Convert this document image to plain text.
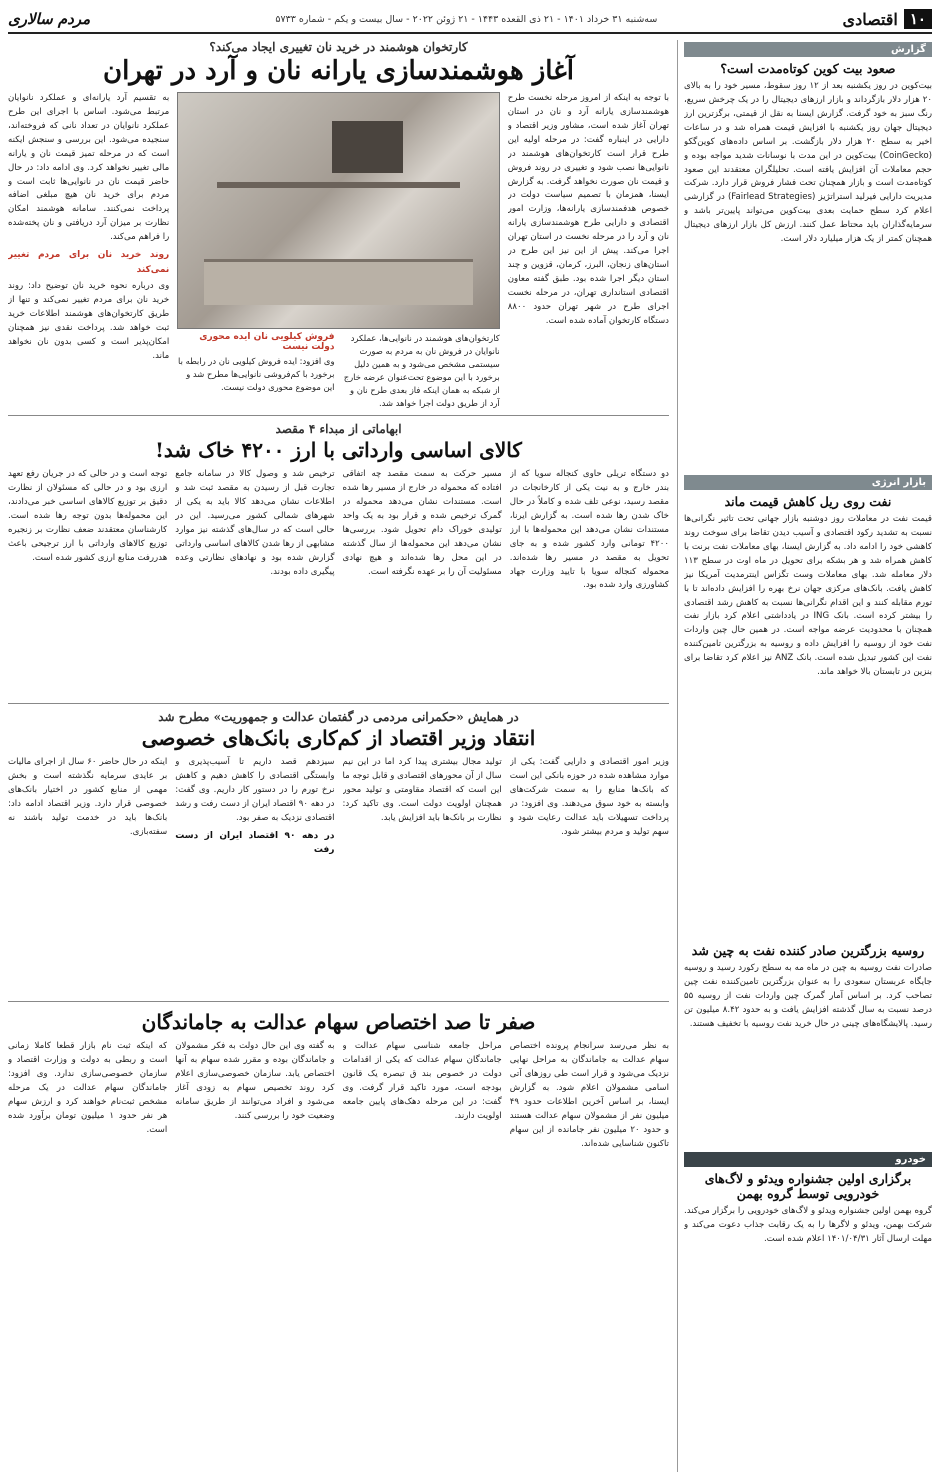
۱۰
اقتصادی
سه‌شنبه ۳۱ خرداد ۱۴۰۱ - ۲۱ ذی القعده ۱۴۴۳ - ۲۱ ژوئن ۲۰۲۲ - سال بیست و یکم - شماره ۵۷۳۳
مردم سالاری
گزارش
صعود بیت کوین کوتاه‌مدت است؟
بیت‌کوین در روز یکشنبه بعد از ۱۲ روز سقوط، مسیر خود را به بالای ۲۰ هزار دلار بازگرداند و بازار ارزهای دیجیتال را در یک چرخش سریع، رنگ سبز به خود گرفت. گزارش ایسنا به نقل از قیمتی، برگزترین ارز دیجیتال جهان روز یکشنبه با افزایش قیمت همراه شد و در ساعات اخیر به سطح ۲۰ هزار دلار بازگشت. بر اساس داده‌های کوین‌گکو (CoinGecko) بیت‌کوین در این مدت با نوسانات شدید مواجه بوده و حجم معاملات آن افزایش یافته است. تحلیلگران معتقدند این صعود کوتاه‌مدت است و بازار همچنان تحت فشار فروش قرار دارد. شرکت مدیریت دارایی فیرلید استراتژیز (Fairlead Strategies) در گزارشی اعلام کرد سطح حمایت بعدی بیت‌کوین می‌تواند پایین‌تر باشد و سرمایه‌گذاران باید محتاط عمل کنند. ارزش کل بازار ارزهای دیجیتال همچنان کمتر از یک هزار میلیارد دلار است.
بازار انرژی
نفت روی ریل کاهش قیمت ماند
قیمت نفت در معاملات روز دوشنبه بازار جهانی تحت تاثیر نگرانی‌ها نسبت به تشدید رکود اقتصادی و آسیب دیدن تقاضا برای سوخت روند کاهشی خود را ادامه داد. به گزارش ایسنا، بهای معاملات نفت برنت با کاهش همراه شد و هر بشکه برای تحویل در ماه اوت در سطح ۱۱۳ دلار معامله شد. بهای معاملات وست تگزاس اینترمدیت آمریکا نیز کاهش یافت. بانک‌های مرکزی جهان نرخ بهره را افزایش داده‌اند تا با تورم مقابله کنند و این اقدام نگرانی‌ها نسبت به کاهش رشد اقتصادی را بیشتر کرده است. بانک ING در یادداشتی اعلام کرد بازار نفت همچنان با محدودیت عرضه مواجه است. در همین حال چین واردات نفت خود از روسیه را افزایش داده و روسیه به بزرگترین تامین‌کننده نفت این کشور تبدیل شده است. بانک ANZ نیز اعلام کرد تقاضا برای بنزین در تابستان بالا خواهد ماند.
روسیه بزرگترین صادر کننده نفت به چین شد
صادرات نفت روسیه به چین در ماه مه به سطح رکورد رسید و روسیه جایگاه عربستان سعودی را به عنوان بزرگترین تامین‌کننده نفت چین تصاحب کرد. بر اساس آمار گمرک چین واردات نفت از روسیه ۵۵ درصد نسبت به سال گذشته افزایش یافت و به حدود ۸.۴۲ میلیون تن رسید. پالایشگاه‌های چینی در حال خرید نفت روسیه با تخفیف هستند.
خودرو
برگزاری اولین جشنواره ویدئو و لاگ‌های خودرویی توسط گروه بهمن
گروه بهمن اولین جشنواره ویدئو و لاگ‌های خودرویی را برگزار می‌کند. شرکت بهمن، ویدئو و لاگرها را به یک رقابت جذاب دعوت می‌کند و مهلت ارسال آثار ۱۴۰۱/۰۴/۳۱ اعلام شده است.
کارتخوان هوشمند در خرید نان تغییری ایجاد می‌کند؟
آغاز هوشمندسازی یارانه نان و آرد در تهران
با توجه به اینکه از امروز مرحله نخست طرح هوشمندسازی یارانه آرد و نان در استان تهران آغاز شده است، مشاور وزیر اقتصاد و دارایی در اینباره گفت: در مرحله اولیه این طرح قرار است کارتخوان‌های هوشمند در نانوایی‌ها نصب شود و تغییری در روند فروش و قیمت نان صورت نخواهد گرفت. به گزارش ایسنا، همزمان با تصمیم سیاست دولت در خصوص هدفمندسازی یارانه‌ها، وزارت امور اقتصادی و دارایی طرح هوشمندسازی یارانه نان و آرد را در مرحله نخست در استان تهران اجرا می‌کند. پیش از این نیز این طرح در استان‌های زنجان، البرز، کرمان، قزوین و چند استان دیگر اجرا شده بود. طبق گفته معاون اقتصادی استانداری تهران، در مرحله نخست اجرای طرح در شهر تهران حدود ۸۸۰۰ دستگاه کارتخوان آماده شده است.
کارتخوان‌های هوشمند در نانوایی‌ها، عملکرد نانوایان در فروش نان به مردم به صورت سیستمی مشخص می‌شود و به همین دلیل برخورد با این موضوع تحت‌عنوان عرضه خارج از شبکه به همان اینکه فاز بعدی طرح نان و آرد از طریق دولت اجرا خواهد شد.
فروش کیلویی نان ایده محوری دولت نیست
وی افزود: ایده فروش کیلویی نان در رابطه با برخورد با کم‌فروشی نانوایی‌ها مطرح شد و این موضوع محوری دولت نیست.

به تقسیم آرد یارانه‌ای و عملکرد نانوایان مرتبط می‌شود. اساس با اجرای این طرح عملکرد نانوایان در تعداد نانی که فروخته‌اند، سنجیده می‌شود. این بررسی و سنجش ایکنه است که در مرحله تمیز قیمت نان و یارانه مالی تغییر نخواهد کرد. وی ادامه داد: در حال حاضر قیمت نان در نانوایی‌ها ثابت است و مردم برای خرید نان هیچ مبلغی اضافه پرداخت نمی‌کنند. سامانه هوشمند امکان نظارت بر میزان آرد دریافتی و نان پخته‌شده را فراهم می‌کند.

روند خرید نان برای مردم تغییر نمی‌کند

وی درباره نحوه خرید نان توضیح داد: روند خرید نان برای مردم تغییر نمی‌کند و تنها از طریق کارتخوان‌های هوشمند اطلاعات خرید ثبت خواهد شد. پرداخت نقدی نیز همچنان امکان‌پذیر است و کسی بدون نان نخواهد ماند.

ابهاماتی از مبداء ۴ مقصد
کالای اساسی وارداتی با ارز ۴۲۰۰ خاک شد!
دو دستگاه تریلی حاوی کنجاله سویا که از بندر خارج و به نیت یکی از کارخانجات در مقصد رسید، نوعی تلف شده و کاملاً در حال خاک شدن رها شده است. به گزارش ایرنا، مستندات نشان می‌دهد این محموله‌ها با ارز ۴۲۰۰ تومانی وارد کشور شده و به جای تحویل به مقصد در مسیر رها شده‌اند. محموله کنجاله سویا با تایید وزارت جهاد کشاورزی وارد شده بود.
مسیر حرکت به سمت مقصد چه اتفاقی افتاده که محموله در خارج از مسیر رها شده است. مستندات نشان می‌دهد محموله در گمرک ترخیص شده و قرار بود به یک واحد تولیدی خوراک دام تحویل شود. بررسی‌ها نشان می‌دهد این محموله‌ها از سال گذشته در این محل رها شده‌اند و هیچ نهادی مسئولیت آن را بر عهده نگرفته است.
ترخیص شد و وصول کالا در سامانه جامع تجارت قبل از رسیدن به مقصد ثبت شد و اطلاعات نشان می‌دهد کالا باید به یکی از شهرهای شمالی کشور می‌رسید. این در حالی است که در سال‌های گذشته نیز موارد مشابهی از رها شدن کالاهای اساسی وارداتی گزارش شده بود و نهادهای نظارتی وعده پیگیری داده بودند.
توجه است و در حالی که در جریان رفع تعهد ارزی بود و در حالی که مسئولان از نظارت دقیق بر توزیع کالاهای اساسی خبر می‌دادند، این محموله‌ها بدون توجه رها شده است. کارشناسان معتقدند ضعف نظارت بر زنجیره توزیع کالاهای وارداتی با ارز ترجیحی باعث هدررفت منابع ارزی کشور شده است.
در همایش «حکمرانی مردمی در گفتمان عدالت و جمهوریت» مطرح شد
انتقاد وزیر اقتصاد از کم‌کاری بانک‌های خصوصی
وزیر امور اقتصادی و دارایی گفت: یکی از موارد مشاهده شده در حوزه بانکی این است که بانک‌ها منابع را به سمت شرکت‌های وابسته به خود سوق می‌دهند. وی افزود: در پرداخت تسهیلات باید عدالت رعایت شود و سهم تولید و مردم بیشتر شود.
تولید مجال بیشتری پیدا کرد اما در این نیم سال از آن محورهای اقتصادی و قابل توجه ما این است که اقتصاد مقاومتی و تولید محور همچنان اولویت دولت است. وی تاکید کرد: نظارت بر بانک‌ها باید افزایش یابد.

سیزدهم قصد داریم تا آسیب‌پذیری و وابستگی اقتصادی را کاهش دهیم و کاهش نرخ تورم را در دستور کار داریم. وی گفت: در دهه ۹۰ اقتصاد ایران از دست رفت و رشد اقتصادی نزدیک به صفر بود.

در دهه ۹۰ اقتصاد ایران از دست رفت
اینکه در حال حاضر ۶۰ سال از اجرای مالیات بر عایدی سرمایه نگذشته است و بخش مهمی از منابع کشور در اختیار بانک‌های خصوصی قرار دارد. وزیر اقتصاد ادامه داد: بانک‌ها باید در خدمت تولید باشند نه سفته‌بازی.
صفر تا صد اختصاص سهام عدالت به جاماندگان
به نظر می‌رسد سرانجام پرونده اختصاص سهام عدالت به جاماندگان به مراحل نهایی نزدیک می‌شود و قرار است طی روزهای آتی اسامی مشمولان اعلام شود. به گزارش ایسنا، بر اساس آخرین اطلاعات حدود ۴۹ میلیون نفر از مشمولان سهام عدالت هستند و حدود ۲۰ میلیون نفر جامانده از این سهام تاکنون شناسایی شده‌اند.
مراحل جامعه شناسی سهام عدالت و جاماندگان سهام عدالت که یکی از اقدامات دولت در خصوص بند ق تبصره یک قانون بودجه است، مورد تاکید قرار گرفت. وی گفت: در این مرحله دهک‌های پایین جامعه اولویت دارند.
به گفته وی این حال دولت به فکر مشمولان و جاماندگان بوده و مقرر شده سهام به آنها اختصاص یابد. سازمان خصوصی‌سازی اعلام کرد روند تخصیص سهام به زودی آغاز می‌شود و افراد می‌توانند از طریق سامانه وضعیت خود را بررسی کنند.
که اینکه ثبت نام بازار قطعا کاملا زمانی است و ربطی به دولت و وزارت اقتصاد و سازمان خصوصی‌سازی ندارد. وی افزود: جاماندگان سهام عدالت در یک مرحله مشخص ثبت‌نام خواهند کرد و ارزش سهام هر نفر حدود ۱ میلیون تومان برآورد شده است.
